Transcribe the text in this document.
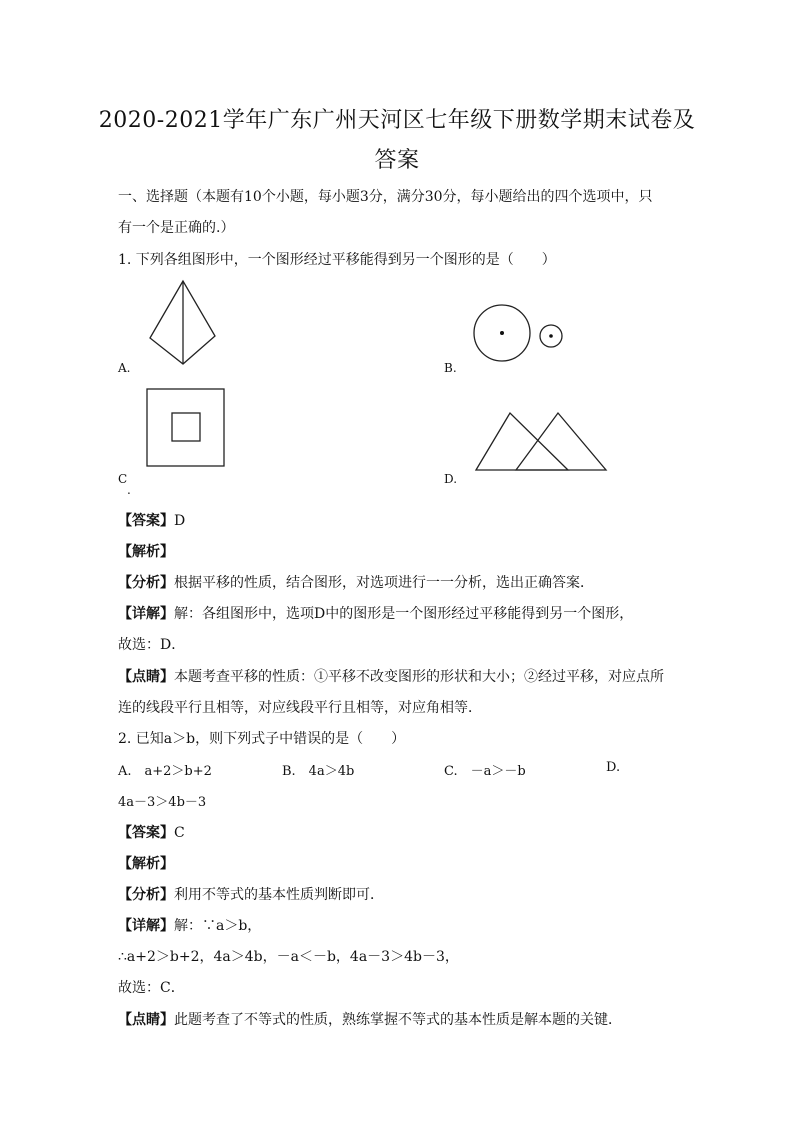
2020-2021学年广东广州天河区七年级下册数学期末试卷及
答案
一、选择题（本题有10个小题，每小题3分，满分30分，每小题给出的四个选项中，只
有一个是正确的.）
1. 下列各组图形中，一个图形经过平移能得到另一个图形的是（　　）
A.	B.
C
.
D.
【答案】D
【解析】
【分析】根据平移的性质，结合图形，对选项进行一一分析，选出正确答案．
【详解】解：各组图形中，选项D中的图形是一个图形经过平移能得到另一个图形，
故选：D．
【点睛】本题考查平移的性质：①平移不改变图形的形状和大小；②经过平移，对应点所
连的线段平行且相等，对应线段平行且相等，对应角相等．
2. 已知a＞b，则下列式子中错误的是（　　）
A.　a+2＞b+2	B.　4a＞4b	C.　－a＞－b	D.
4a－3＞4b－3
【答案】C
【解析】
【分析】利用不等式的基本性质判断即可．
【详解】解：∵a＞b，
∴a+2＞b+2，4a＞4b，－a＜－b，4a－3＞4b－3，
故选：C．
【点睛】此题考查了不等式的性质，熟练掌握不等式的基本性质是解本题的关键．
